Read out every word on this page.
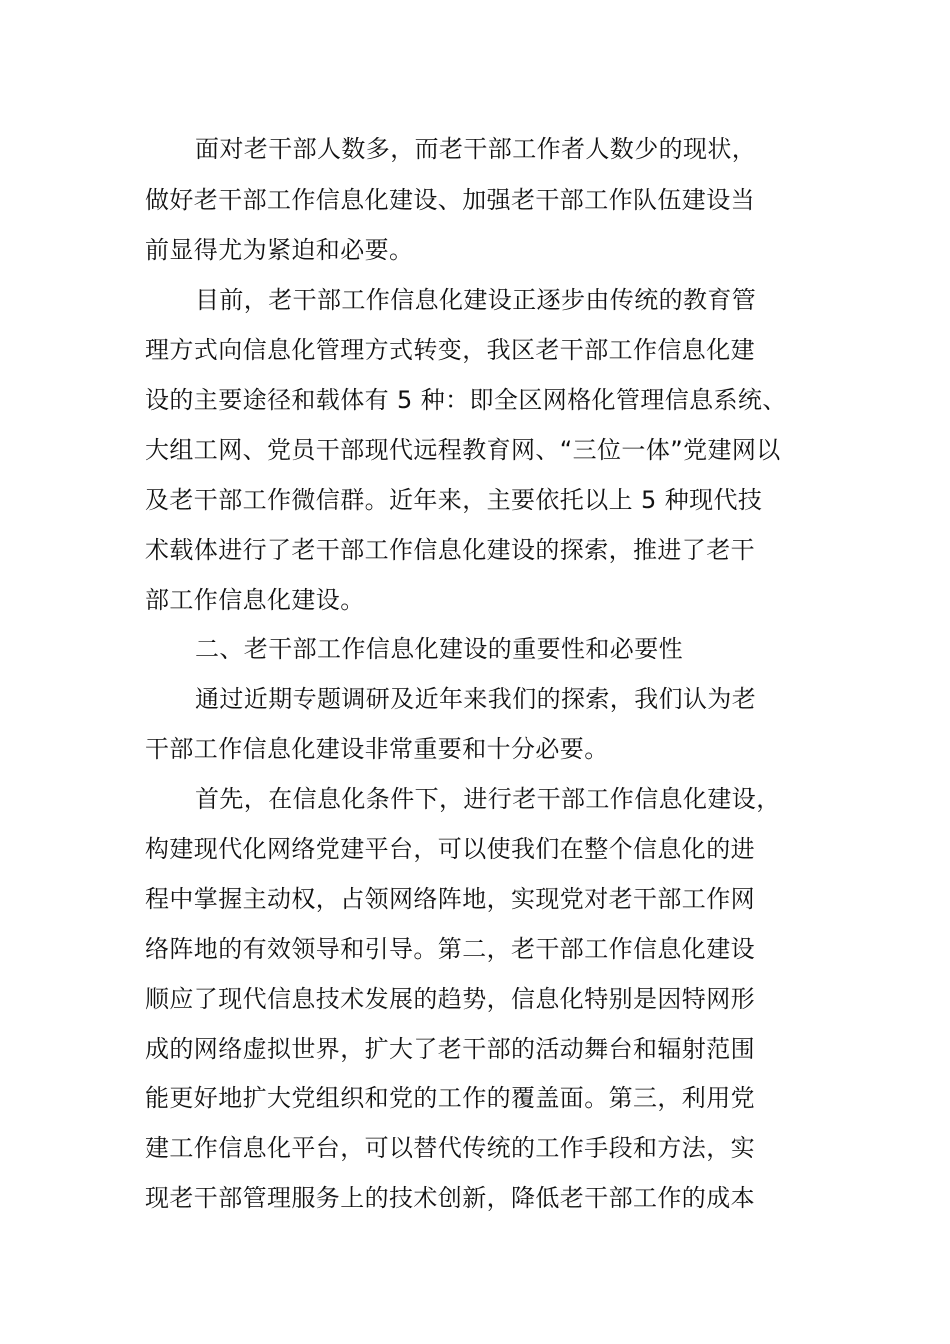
面对老干部人数多，而老干部工作者人数少的现状，
做好老干部工作信息化建设、加强老干部工作队伍建设当
前显得尤为紧迫和必要。
目前，老干部工作信息化建设正逐步由传统的教育管
理方式向信息化管理方式转变，我区老干部工作信息化建
设的主要途径和载体有 5 种：即全区网格化管理信息系统、
大组工网、党员干部现代远程教育网、“三位一体”党建网以
及老干部工作微信群。近年来，主要依托以上 5 种现代技
术载体进行了老干部工作信息化建设的探索，推进了老干
部工作信息化建设。
二、老干部工作信息化建设的重要性和必要性
通过近期专题调研及近年来我们的探索，我们认为老
干部工作信息化建设非常重要和十分必要。
首先，在信息化条件下，进行老干部工作信息化建设，
构建现代化网络党建平台，可以使我们在整个信息化的进
程中掌握主动权，占领网络阵地，实现党对老干部工作网
络阵地的有效领导和引导。第二，老干部工作信息化建设
顺应了现代信息技术发展的趋势，信息化特别是因特网形
成的网络虚拟世界，扩大了老干部的活动舞台和辐射范围
能更好地扩大党组织和党的工作的覆盖面。第三，利用党
建工作信息化平台，可以替代传统的工作手段和方法，实
现老干部管理服务上的技术创新，降低老干部工作的成本
